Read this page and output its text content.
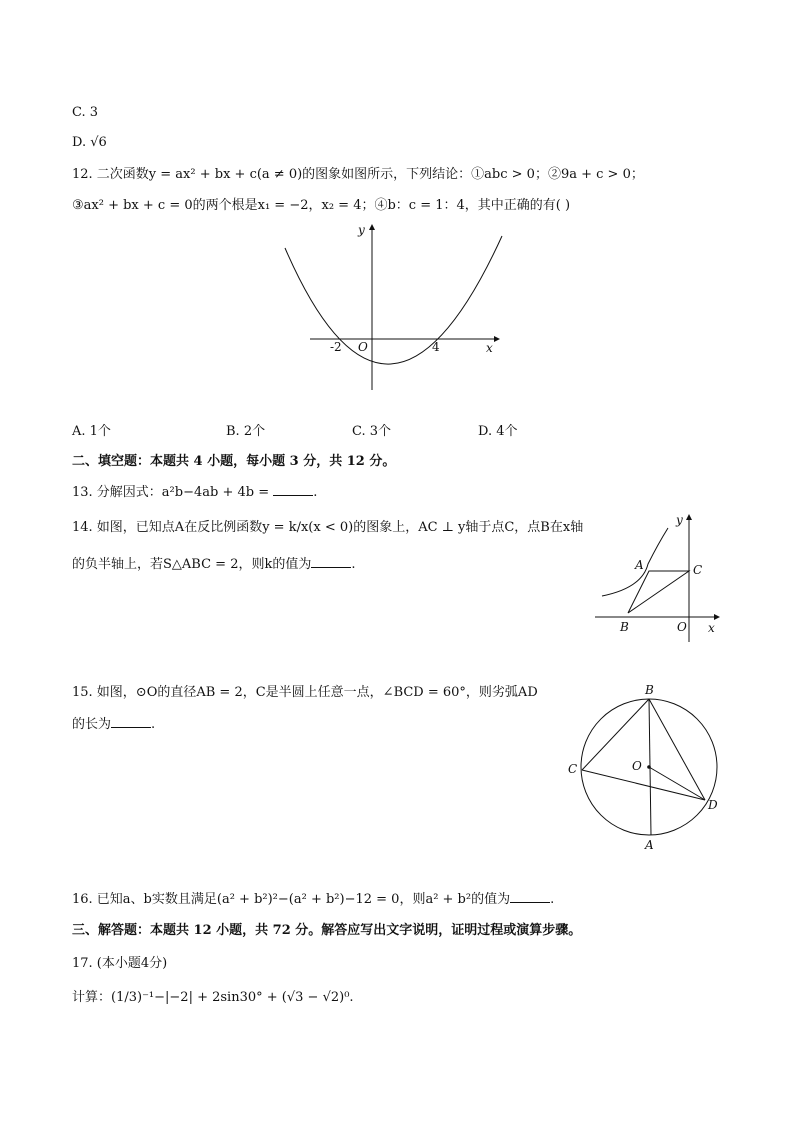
C. 3
D. √6
12. 二次函数y = ax² + bx + c(a ≠ 0)的图象如图所示，下列结论：①abc > 0；②9a + c > 0；
③ax² + bx + c = 0的两个根是x₁ = −2，x₂ = 4；④b：c = 1：4，其中正确的有( )
y
x
O
-2	4
A. 1个	B. 2个	C. 3个	D. 4个
二、填空题：本题共 4 小题，每小题 3 分，共 12 分。
13. 分解因式：a²b−4ab + 4b =	.
14. 如图，已知点A在反比例函数y = k/x(x < 0)的图象上，AC ⊥ y轴于点C，点B在x轴
的负半轴上，若S△ABC = 2，则k的值为	.
y
x
A	C
B	O
15. 如图，⊙O的直径AB = 2，C是半圆上任意一点，∠BCD = 60°，则劣弧AD
的长为	.
B
A
C
D
O
16. 已知a、b实数且满足(a² + b²)²−(a² + b²)−12 = 0，则a² + b²的值为	.
三、解答题：本题共 12 小题，共 72 分。解答应写出文字说明，证明过程或演算步骤。
17. (本小题4分)
计算：(1/3)⁻¹−|−2| + 2sin30° + (√3 − √2)⁰.
